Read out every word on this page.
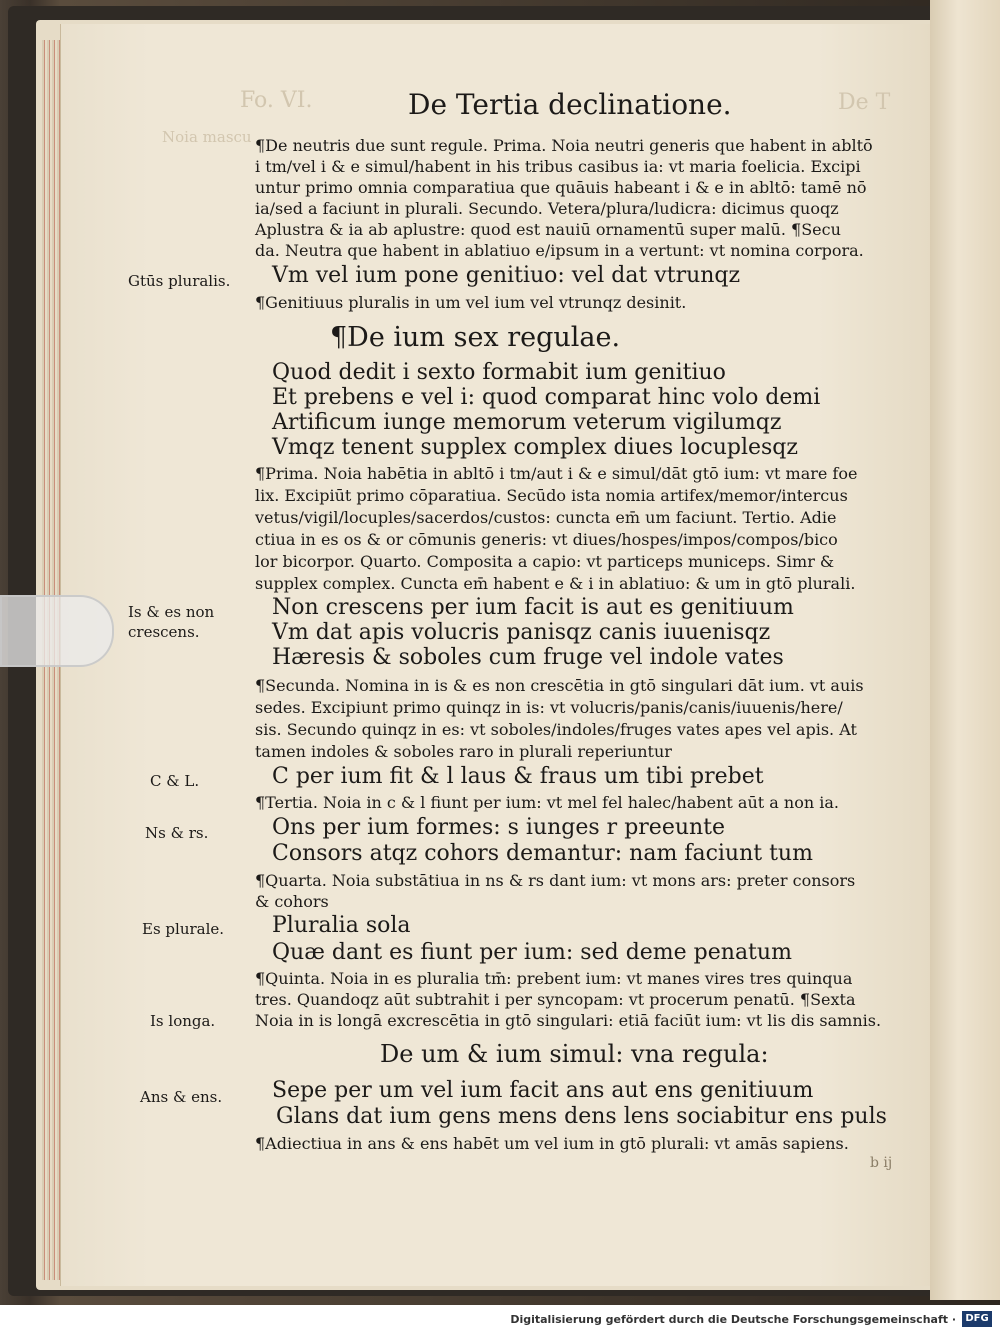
Fo. VI.	De T
Noia mascu
De Tertia declinatione.
¶De neutris due sunt regule. Prima. Noia neutri generis que habent in abltō
i tm/vel i & e simul/habent in his tribus casibus ia: vt maria foelicia. Excipi
untur primo omnia comparatiua que quāuis habeant i & e in abltō: tamē nō
ia/sed a faciunt in plurali. Secundo. Vetera/plura/ludicra: dicimus quoqz
Aplustra & ia ab aplustre: quod est nauiū ornamentū super malū. ¶Secu
da. Neutra que habent in ablatiuo e/ipsum in a vertunt: vt nomina corpora.
Gtūs pluralis. Vm vel ium pone genitiuo: vel dat vtrunqz
¶Genitiuus pluralis in um vel ium vel vtrunqz desinit.
¶De ium sex regulae.
Quod dedit i sexto formabit ium genitiuo
Et prebens e vel i: quod comparat hinc volo demi
Artificum iunge memorum veterum vigilumqz
Vmqz tenent supplex complex diues locuplesqz
¶Prima. Noia habētia in abltō i tm/aut i & e simul/dāt gtō ium: vt mare foe
lix. Excipiūt primo cōparatiua. Secūdo ista nomia artifex/memor/intercus
vetus/vigil/locuples/sacerdos/custos: cuncta em̄ um faciunt. Tertio. Adie
ctiua in es os & or cōmunis generis: vt diues/hospes/impos/compos/bico
lor bicorpor. Quarto. Composita a capio: vt particeps municeps. Simr &
supplex complex. Cuncta em̄ habent e & i in ablatiuo: & um in gtō plurali.
Is & es non
crescens.
Non crescens per ium facit is aut es genitiuum
Vm dat apis volucris panisqz canis iuuenisqz
Hæresis & soboles cum fruge vel indole vates
¶Secunda. Nomina in is & es non crescētia in gtō singulari dāt ium. vt auis
sedes. Excipiunt primo quinqz in is: vt volucris/panis/canis/iuuenis/here/
sis. Secundo quinqz in es: vt soboles/indoles/fruges vates apes vel apis. At
tamen indoles & soboles raro in plurali reperiuntur
C & L.	C per ium fit & l laus & fraus um tibi prebet
¶Tertia. Noia in c & l fiunt per ium: vt mel fel halec/habent aūt a non ia.
Ns & rs.	Ons per ium formes: s iunges r preeunte
Consors atqz cohors demantur: nam faciunt tum
¶Quarta. Noia substātiua in ns & rs dant ium: vt mons ars: preter consors
& cohors
Es plurale. Pluralia sola
Quæ dant es fiunt per ium: sed deme penatum
¶Quinta. Noia in es pluralia tm̄: prebent ium: vt manes vires tres quinqua
tres. Quandoqz aūt subtrahit i per syncopam: vt procerum penatū. ¶Sexta
Noia in is longā excrescētia in gtō singulari: etiā faciūt ium: vt lis dis samnis.
Is longa.
De um & ium simul: vna regula:
Ans & ens. Sepe per um vel ium facit ans aut ens genitiuum
Glans dat ium gens mens dens lens sociabitur ens puls
¶Adiectiua in ans & ens habēt um vel ium in gtō plurali: vt amās sapiens.
b ij
Digitalisierung gefördert durch die Deutsche Forschungsgemeinschaft · DFG
